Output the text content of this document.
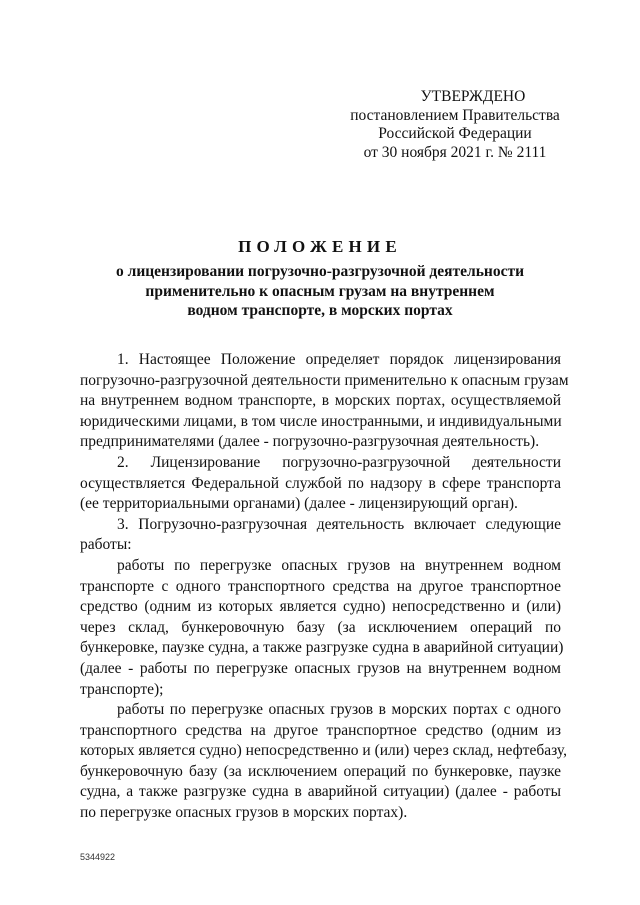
УТВЕРЖДЕНО
постановлением Правительства
Российской Федерации
от 30 ноября 2021 г. № 2111
ПОЛОЖЕНИЕ
о лицензировании погрузочно-разгрузочной деятельности
применительно к опасным грузам на внутреннем
водном транспорте, в морских портах
1. Настоящее Положение определяет порядок лицензирования
погрузочно-разгрузочной деятельности применительно к опасным грузам
на внутреннем водном транспорте, в морских портах, осуществляемой
юридическими лицами, в том числе иностранными, и индивидуальными
предпринимателями (далее - погрузочно-разгрузочная деятельность).
2. Лицензирование погрузочно-разгрузочной деятельности
осуществляется Федеральной службой по надзору в сфере транспорта
(ее территориальными органами) (далее - лицензирующий орган).
3. Погрузочно-разгрузочная деятельность включает следующие
работы:
работы по перегрузке опасных грузов на внутреннем водном
транспорте с одного транспортного средства на другое транспортное
средство (одним из которых является судно) непосредственно и (или)
через склад, бункеровочную базу (за исключением операций по
бункеровке, паузке судна, а также разгрузке судна в аварийной ситуации)
(далее - работы по перегрузке опасных грузов на внутреннем водном
транспорте);
работы по перегрузке опасных грузов в морских портах с одного
транспортного средства на другое транспортное средство (одним из
которых является судно) непосредственно и (или) через склад, нефтебазу,
бункеровочную базу (за исключением операций по бункеровке, паузке
судна, а также разгрузке судна в аварийной ситуации) (далее - работы
по перегрузке опасных грузов в морских портах).
5344922
